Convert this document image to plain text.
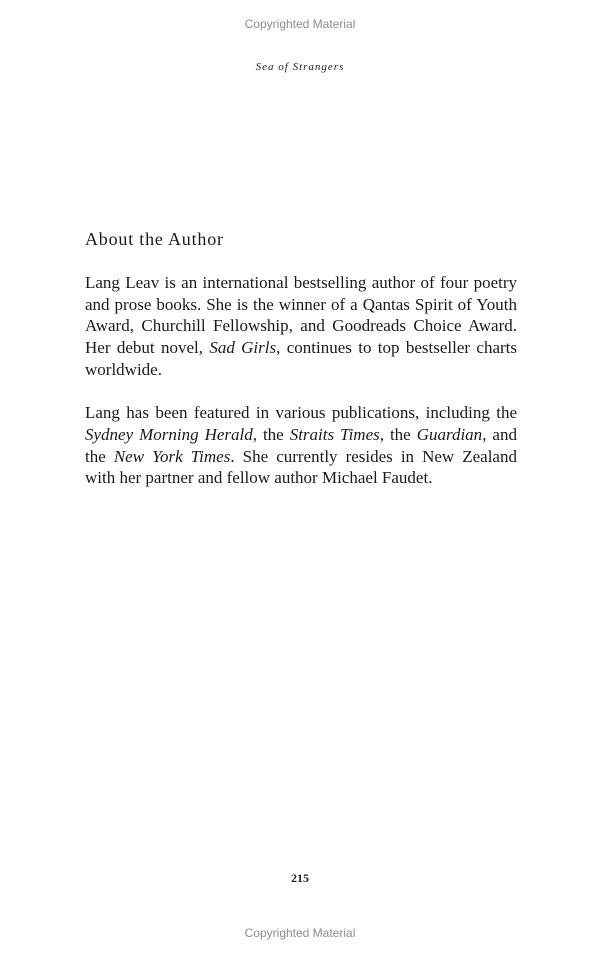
Copyrighted Material
Sea of Strangers
About the Author

Lang Leav is an international bestselling author of four poetry and prose books. She is the winner of a Qantas Spirit of Youth Award, Churchill Fellowship, and Goodreads Choice Award. Her debut novel, Sad Girls, continues to top bestseller charts worldwide.

Lang has been featured in various publications, including the Sydney Morning Herald, the Straits Times, the Guardian, and the New York Times. She currently resides in New Zealand with her partner and fellow author Michael Faudet.

215
Copyrighted Material
